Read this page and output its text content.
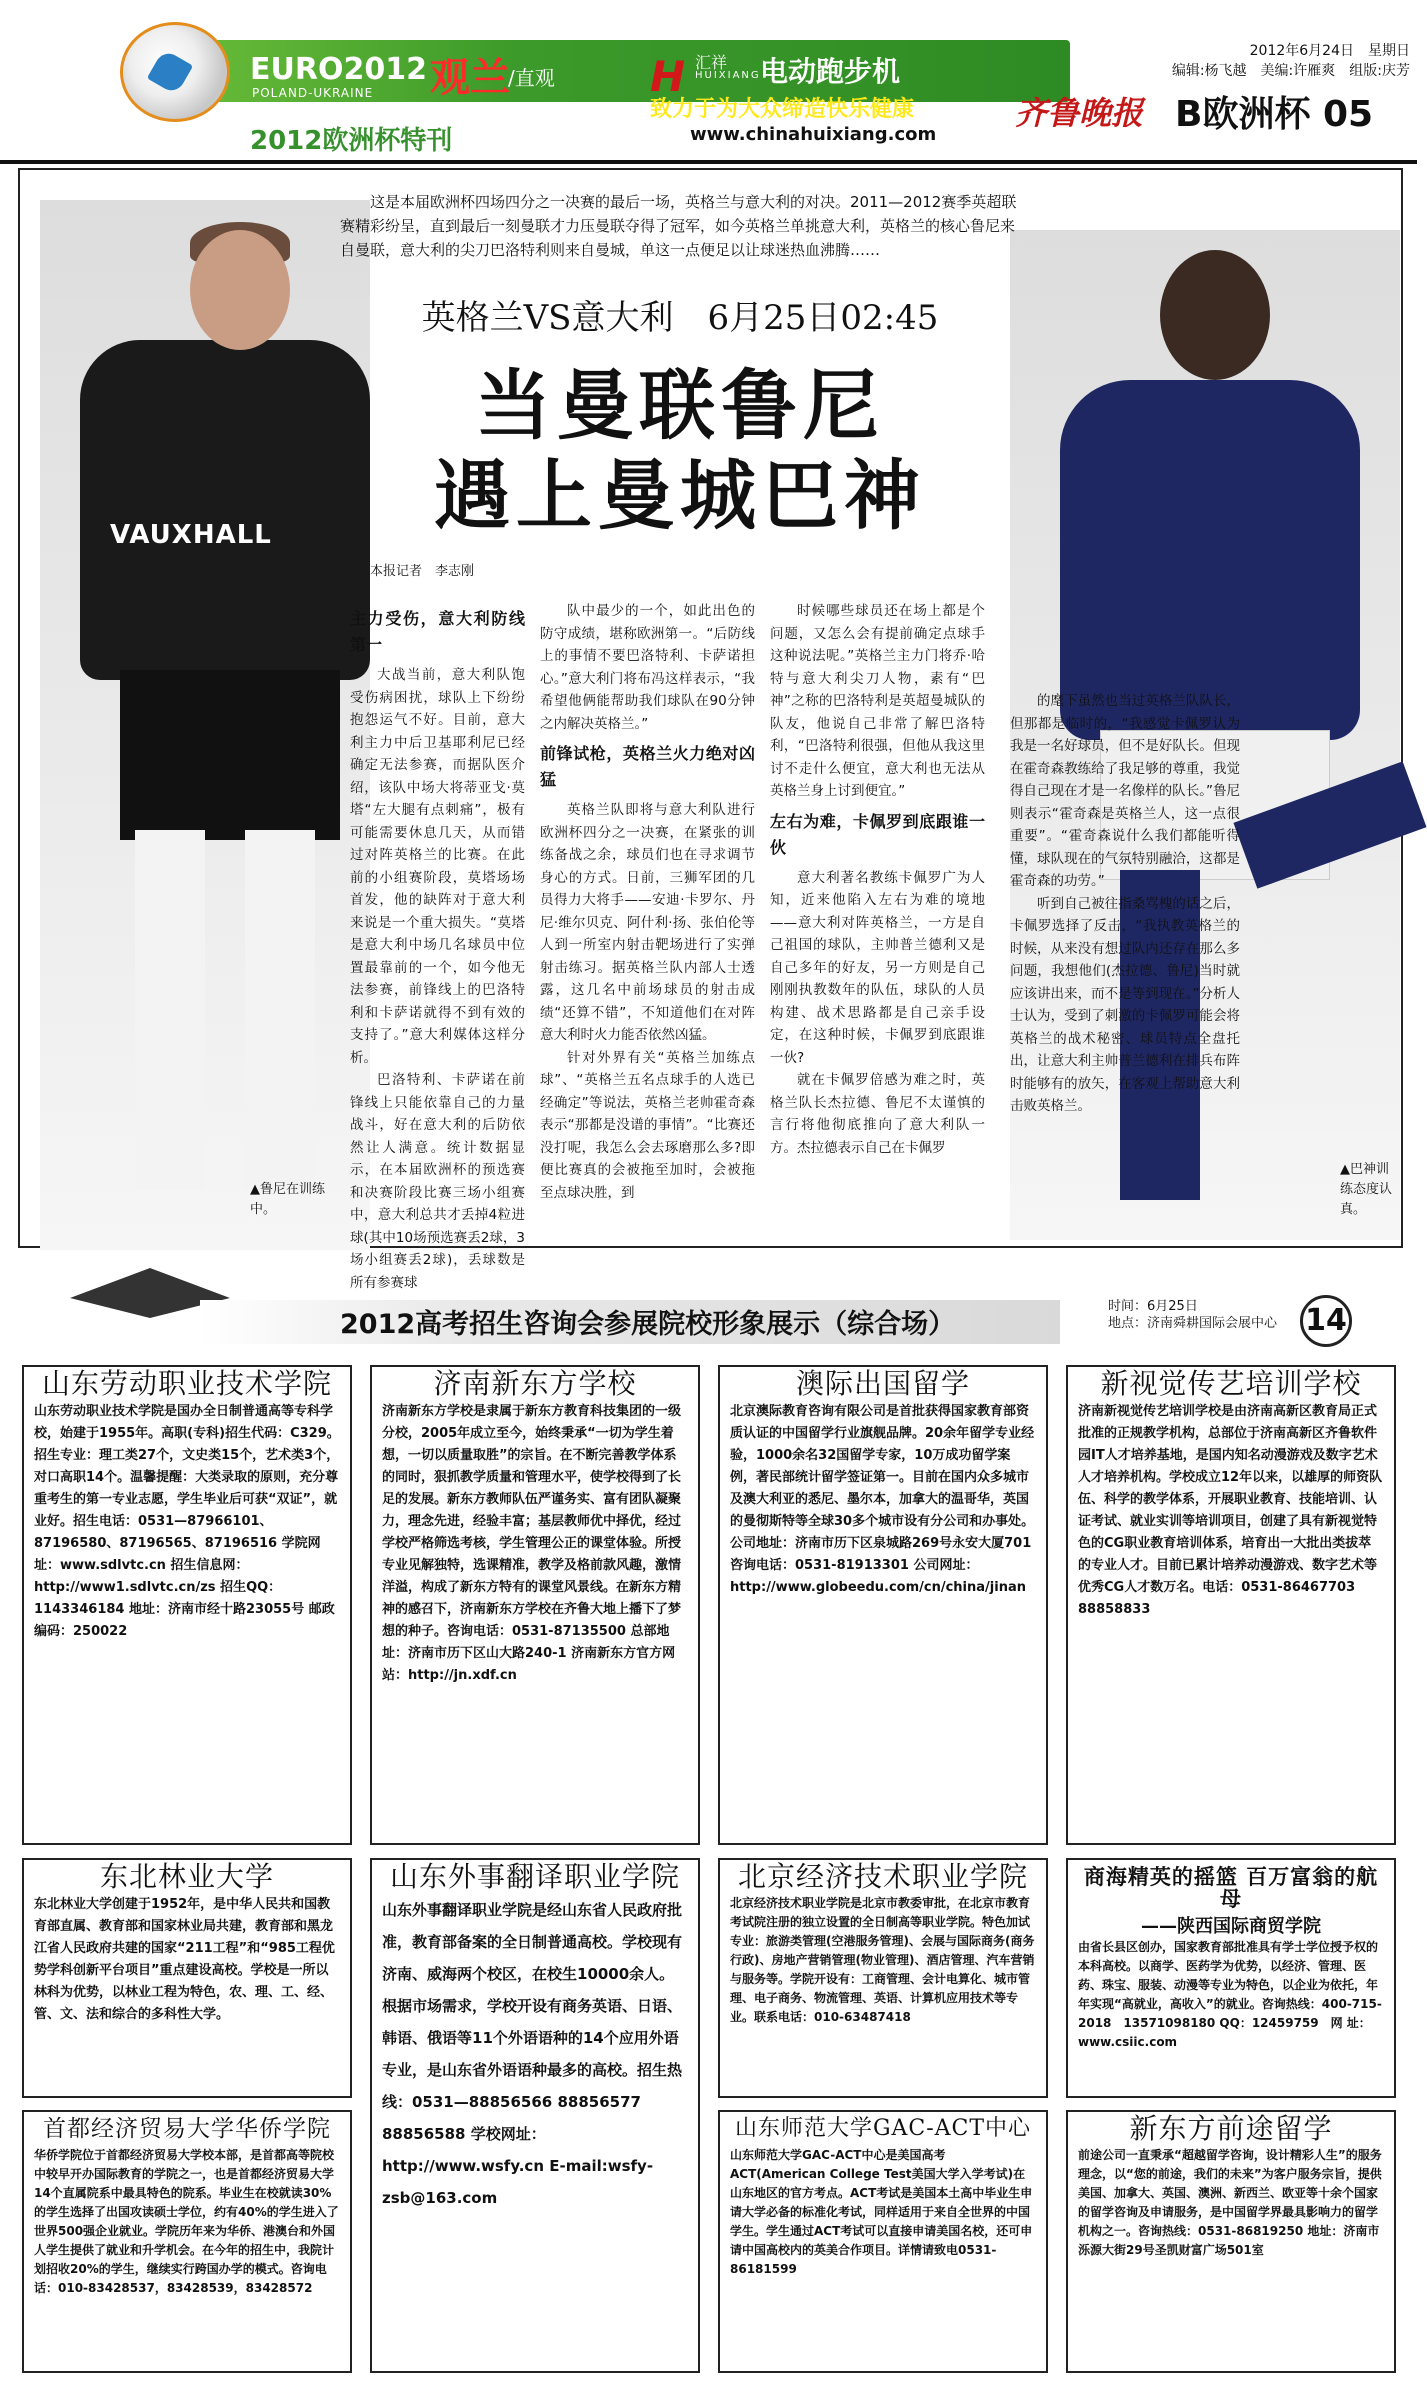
EURO2012
POLAND-UKRAINE 观兰
/直观
2012欧洲杯特刊
H 汇祥
HUIXIANG 电动跑步机
致力于为大众缔造快乐健康
www.chinahuixiang.com
2012年6月24日　星期日
编辑:杨飞越　美编:许雁爽　组版:庆芳
齐鲁晚报 B欧洲杯 05
VAUXHALL
这是本届欧洲杯四场四分之一决赛的最后一场，英格兰与意大利的对决。2011—2012赛季英超联赛精彩纷呈，直到最后一刻曼联才力压曼联夺得了冠军，如今英格兰单挑意大利，英格兰的核心鲁尼来自曼联，意大利的尖刀巴洛特利则来自曼城，单这一点便足以让球迷热血沸腾……
英格兰VS意大利　6月25日02:45
当曼联鲁尼
遇上曼城巴神
本报记者　李志刚
主力受伤，意大利防线第一

大战当前，意大利队饱受伤病困扰，球队上下纷纷抱怨运气不好。目前，意大利主力中后卫基耶利尼已经确定无法参赛，而据队医介绍，该队中场大将蒂亚戈·莫塔“左大腿有点刺痛”，极有可能需要休息几天，从而错过对阵英格兰的比赛。在此前的小组赛阶段，莫塔场场首发，他的缺阵对于意大利来说是一个重大损失。“莫塔是意大利中场几名球员中位置最靠前的一个，如今他无法参赛，前锋线上的巴洛特利和卡萨诺就得不到有效的支持了。”意大利媒体这样分析。

巴洛特利、卡萨诺在前锋线上只能依靠自己的力量战斗，好在意大利的后防依然让人满意。统计数据显示，在本届欧洲杯的预选赛和决赛阶段比赛三场小组赛中，意大利总共才丢掉4粒进球(其中10场预选赛丢2球，3场小组赛丢2球)，丢球数是所有参赛球

队中最少的一个，如此出色的防守成绩，堪称欧洲第一。“后防线上的事情不要巴洛特利、卡萨诺担心。”意大利门将布冯这样表示，“我希望他俩能帮助我们球队在90分钟之内解决英格兰。”

前锋试枪，英格兰火力绝对凶猛

英格兰队即将与意大利队进行欧洲杯四分之一决赛，在紧张的训练备战之余，球员们也在寻求调节身心的方式。日前，三狮军团的几员得力大将手——安迪·卡罗尔、丹尼·维尔贝克、阿什利·扬、张伯伦等人到一所室内射击靶场进行了实弹射击练习。据英格兰队内部人士透露，这几名中前场球员的射击成绩“还算不错”，不知道他们在对阵意大利时火力能否依然凶猛。

针对外界有关“英格兰加练点球”、“英格兰五名点球手的人选已经确定”等说法，英格兰老帅霍奇森表示“那都是没谱的事情”。“比赛还没打呢，我怎么会去琢磨那么多?即便比赛真的会被拖至加时，会被拖至点球决胜，到

时候哪些球员还在场上都是个问题，又怎么会有提前确定点球手这种说法呢。”英格兰主力门将乔·哈特与意大利尖刀人物，素有“巴神”之称的巴洛特利是英超曼城队的队友，他说自己非常了解巴洛特利，“巴洛特利很强，但他从我这里讨不走什么便宜，意大利也无法从英格兰身上讨到便宜。”

左右为难，卡佩罗到底跟谁一伙

意大利著名教练卡佩罗广为人知，近来他陷入左右为难的境地——意大利对阵英格兰，一方是自己祖国的球队，主帅普兰德利又是自己多年的好友，另一方则是自己刚刚执教数年的队伍，球队的人员构建、战术思路都是自己亲手设定，在这种时候，卡佩罗到底跟谁一伙?

就在卡佩罗倍感为难之时，英格兰队长杰拉德、鲁尼不太谨慎的言行将他彻底推向了意大利队一方。杰拉德表示自己在卡佩罗

的麾下虽然也当过英格兰队队长，但那都是临时的，“我感觉卡佩罗认为我是一名好球员，但不是好队长。但现在霍奇森教练给了我足够的尊重，我觉得自己现在才是一名像样的队长。”鲁尼则表示“霍奇森是英格兰人，这一点很重要”。“霍奇森说什么我们都能听得懂，球队现在的气氛特别融洽，这都是霍奇森的功劳。”

听到自己被往指桑骂槐的话之后，卡佩罗选择了反击，“我执教英格兰的时候，从来没有想过队内还存在那么多问题，我想他们(杰拉德、鲁尼)当时就应该讲出来，而不是等到现在。”分析人士认为，受到了刺激的卡佩罗可能会将英格兰的战术秘密、球员特点全盘托出，让意大利主帅普兰德利在排兵布阵时能够有的放矢，在客观上帮助意大利击败英格兰。

▲鲁尼在训练中。
▲巴神训练态度认真。
2012高考招生咨询会参展院校形象展示（综合场）
时间：6月25日
地点：济南舜耕国际会展中心 14
山东劳动职业技术学院

山东劳动职业技术学院是国办全日制普通高等专科学校，始建于1955年。高职(专科)招生代码：C329。招生专业：理工类27个，文史类15个，艺术类3个，对口高职14个。温馨提醒：大类录取的原则，充分尊重考生的第一专业志愿，学生毕业后可获“双证”，就业好。招生电话：0531—87966101、87196580、87196565、87196516 学院网址：www.sdlvtc.cn 招生信息网：http://www1.sdlvtc.cn/zs 招生QQ：1143346184 地址：济南市经十路23055号 邮政编码：250022

济南新东方学校

济南新东方学校是隶属于新东方教育科技集团的一级分校，2005年成立至今，始终秉承“一切为学生着想，一切以质量取胜”的宗旨。在不断完善教学体系的同时，狠抓教学质量和管理水平，使学校得到了长足的发展。新东方教师队伍严谨务实、富有团队凝聚力，理念先进，经验丰富；基层教师优中择优，经过学校严格筛选考核，学生管理公正的课堂体验。所授专业见解独特，选课精准，教学及格前款风趣，激情洋溢，构成了新东方特有的课堂风景线。在新东方精神的感召下，济南新东方学校在齐鲁大地上播下了梦想的种子。咨询电话：0531-87135500 总部地址：济南市历下区山大路240-1 济南新东方官方网站：http://jn.xdf.cn

澳际出国留学

北京澳际教育咨询有限公司是首批获得国家教育部资质认证的中国留学行业旗舰品牌。20余年留学专业经验，1000余名32国留学专家，10万成功留学案例，著民部统计留学签证第一。目前在国内众多城市及澳大利亚的悉尼、墨尔本，加拿大的温哥华，英国的曼彻斯特等全球30多个城市设有分公司和办事处。公司地址：济南市历下区泉城路269号永安大厦701 咨询电话：0531-81913301 公司网址：http://www.globeedu.com/cn/china/jinan

新视觉传艺培训学校

济南新视觉传艺培训学校是由济南高新区教育局正式批准的正规教学机构，总部位于济南高新区齐鲁软件园IT人才培养基地，是国内知名动漫游戏及数字艺术人才培养机构。学校成立12年以来，以雄厚的师资队伍、科学的教学体系，开展职业教育、技能培训、认证考试、就业实训等培训项目，创建了具有新视觉特色的CG职业教育培训体系，培育出一大批出类拔萃的专业人才。目前已累计培养动漫游戏、数字艺术等优秀CG人才数万名。电话：0531-86467703　88858833

东北林业大学

东北林业大学创建于1952年，是中华人民共和国教育部直属、教育部和国家林业局共建，教育部和黑龙江省人民政府共建的国家“211工程”和“985工程优势学科创新平台项目”重点建设高校。学校是一所以林科为优势，以林业工程为特色，农、理、工、经、管、文、法和综合的多科性大学。

山东外事翻译职业学院

山东外事翻译职业学院是经山东省人民政府批准，教育部备案的全日制普通高校。学校现有济南、威海两个校区，在校生10000余人。根据市场需求，学校开设有商务英语、日语、韩语、俄语等11个外语语种的14个应用外语专业，是山东省外语语种最多的高校。招生热线：0531—88856566 88856577 88856588 学校网址：http://www.wsfy.cn E-mail:wsfy-zsb@163.com

北京经济技术职业学院

北京经济技术职业学院是北京市教委审批，在北京市教育考试院注册的独立设置的全日制高等职业学院。特色加试专业：旅游类管理(空港服务管理)、会展与国际商务(商务行政)、房地产营销管理(物业管理)、酒店管理、汽车营销与服务等。学院开设有：工商管理、会计电算化、城市管理、电子商务、物流管理、英语、计算机应用技术等专业。联系电话：010-63487418

商海精英的摇篮 百万富翁的航母
——陕西国际商贸学院

由省长县区创办，国家教育部批准具有学士学位授予权的本科高校。以商学、医药学为优势，以经济、管理、医药、珠宝、服装、动漫等专业为特色，以企业为依托，年年实现“高就业，高收入”的就业。咨询热线：400-715-2018　13571098180 QQ：12459759　网 址：www.csiic.com

首都经济贸易大学华侨学院

华侨学院位于首都经济贸易大学校本部，是首都高等院校中较早开办国际教育的学院之一，也是首都经济贸易大学14个直属院系中最具特色的院系。毕业生在校就读30%的学生选择了出国攻读硕士学位，约有40%的学生进入了世界500强企业就业。学院历年来为华侨、港澳台和外国人学生提供了就业和升学机会。在今年的招生中，我院计划招收20%的学生，继续实行跨国办学的模式。咨询电话：010-83428537，83428539，83428572

山东师范大学GAC-ACT中心

山东师范大学GAC-ACT中心是美国高考ACT(American College Test美国大学入学考试)在山东地区的官方考点。ACT考试是美国本土高中毕业生申请大学必备的标准化考试，同样适用于来自全世界的中国学生。学生通过ACT考试可以直接申请美国名校，还可申请中国高校内的英美合作项目。详情请致电0531-86181599

新东方前途留学

前途公司一直秉承“超越留学咨询，设计精彩人生”的服务理念，以“您的前途，我们的未来”为客户服务宗旨，提供美国、加拿大、英国、澳洲、新西兰、欧亚等十余个国家的留学咨询及申请服务，是中国留学界最具影响力的留学机构之一。咨询热线：0531-86819250 地址：济南市泺源大街29号圣凯财富广场501室
